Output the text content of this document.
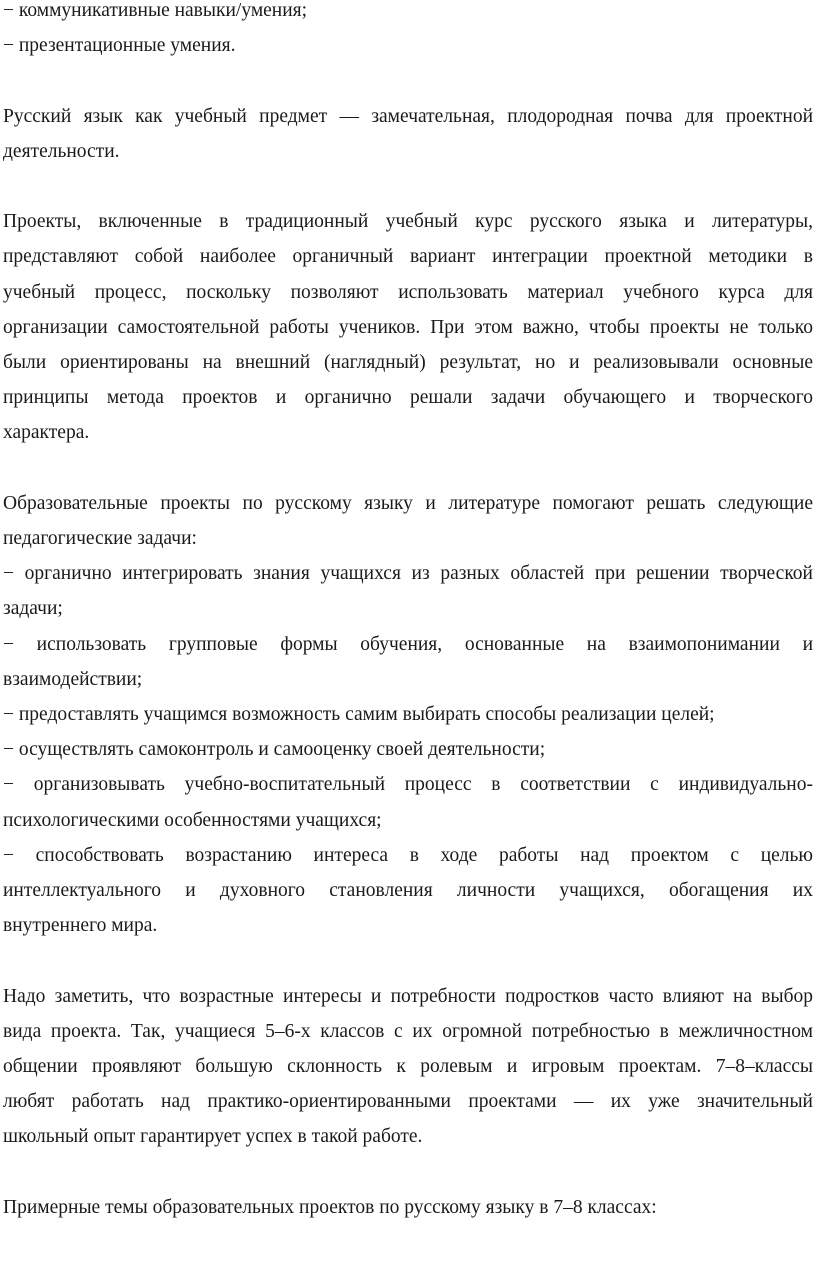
− коммуникативные навыки/умения;
− презентационные умения.
Русский язык как учебный предмет — замечательная, плодородная почва для проектной
деятельности.
Проекты, включенные в традиционный учебный курс русского языка и литературы,
представляют собой наиболее органичный вариант интеграции проектной методики в
учебный процесс, поскольку позволяют использовать материал учебного курса для
организации самостоятельной работы учеников. При этом важно, чтобы проекты не только
были ориентированы на внешний (наглядный) результат, но и реализовывали основные
принципы метода проектов и органично решали задачи обучающего и творческого
характера.
Образовательные проекты по русскому языку и литературе помогают решать следующие
педагогические задачи:
− органично интегрировать знания учащихся из разных областей при решении творческой
задачи;
− использовать групповые формы обучения, основанные на взаимопонимании и
взаимодействии;
− предоставлять учащимся возможность самим выбирать способы реализации целей;
− осуществлять самоконтроль и самооценку своей деятельности;
− организовывать учебно-воспитательный процесс в соответствии с индивидуально-
психологическими особенностями учащихся;
− способствовать возрастанию интереса в ходе работы над проектом с целью
интеллектуального и духовного становления личности учащихся, обогащения их
внутреннего мира.
Надо заметить, что возрастные интересы и потребности подростков часто влияют на выбор
вида проекта. Так, учащиеся 5–6-х классов с их огромной потребностью в межличностном
общении проявляют большую склонность к ролевым и игровым проектам. 7–8–классы
любят работать над практико-ориентированными проектами — их уже значительный
школьный опыт гарантирует успех в такой работе.
Примерные темы образовательных проектов по русскому языку в 7–8 классах:
